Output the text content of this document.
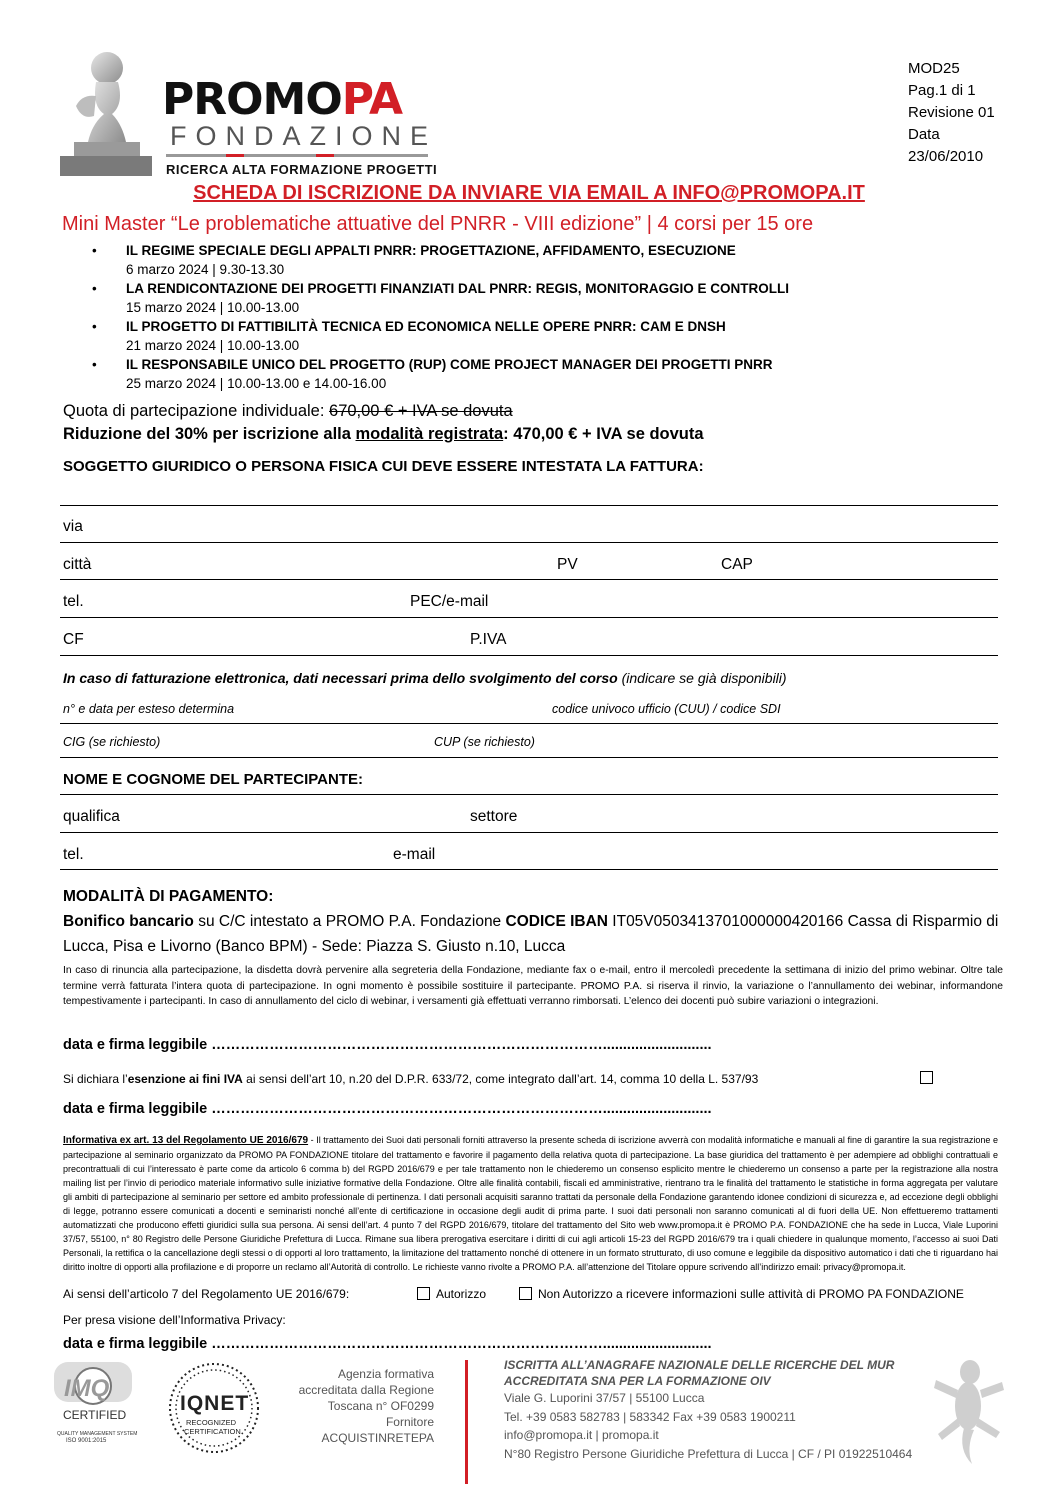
PROMOPA
FONDAZIONE
RICERCA ALTA FORMAZIONE PROGETTI
MOD25
Pag.1 di 1
Revisione 01
Data
23/06/2010
SCHEDA DI ISCRIZIONE DA INVIARE VIA EMAIL A INFO@PROMOPA.IT
Mini Master “Le problematiche attuative del PNRR - VIII edizione” | 4 corsi per 15 ore
• IL REGIME SPECIALE DEGLI APPALTI PNRR: PROGETTAZIONE, AFFIDAMENTO, ESECUZIONE
6 marzo 2024 | 9.30-13.30
• LA RENDICONTAZIONE DEI PROGETTI FINANZIATI DAL PNRR: REGIS, MONITORAGGIO E CONTROLLI
15 marzo 2024 | 10.00-13.00
• IL PROGETTO DI FATTIBILITÀ TECNICA ED ECONOMICA NELLE OPERE PNRR: CAM E DNSH
21 marzo 2024 | 10.00-13.00
• IL RESPONSABILE UNICO DEL PROGETTO (RUP) COME PROJECT MANAGER DEI PROGETTI PNRR
25 marzo 2024 | 10.00-13.00 e 14.00-16.00
Quota di partecipazione individuale: 670,00 € + IVA se dovuta
Riduzione del 30% per iscrizione alla modalità registrata: 470,00 € + IVA se dovuta
SOGGETTO GIURIDICO O PERSONA FISICA CUI DEVE ESSERE INTESTATA LA FATTURA:
via
città	PV	CAP
tel.	PEC/e-mail
CF	P.IVA
In caso di fatturazione elettronica, dati necessari prima dello svolgimento del corso (indicare se già disponibili)
n° e data per esteso determina	codice univoco ufficio (CUU) / codice SDI
CIG (se richiesto)	CUP (se richiesto)
NOME E COGNOME DEL PARTECIPANTE:
qualifica	settore
tel.	e-mail
MODALITÀ DI PAGAMENTO:
Bonifico bancario su C/C intestato a PROMO P.A. Fondazione CODICE IBAN IT05V0503413701000000420166 Cassa di Risparmio di Lucca, Pisa e Livorno (Banco BPM) - Sede: Piazza S. Giusto n.10, Lucca
In caso di rinuncia alla partecipazione, la disdetta dovrà pervenire alla segreteria della Fondazione, mediante fax o e-mail, entro il mercoledì precedente la settimana di inizio del primo webinar. Oltre tale termine verrà fatturata l’intera quota di partecipazione. In ogni momento è possibile sostituire il partecipante. PROMO P.A. si riserva il rinvio, la variazione o l’annullamento dei webinar, informandone tempestivamente i partecipanti. In caso di annullamento del ciclo di webinar, i versamenti già effettuati verranno rimborsati. L’elenco dei docenti può subire variazioni o integrazioni.
data e firma leggibile ………………………………………………………………………...........................
Si dichiara l’esenzione ai fini IVA ai sensi dell’art 10, n.20 del D.P.R. 633/72, come integrato dall’art. 14, comma 10 della L. 537/93
data e firma leggibile ………………………………………………………………………...........................
Informativa ex art. 13 del Regolamento UE 2016/679 - Il trattamento dei Suoi dati personali forniti attraverso la presente scheda di iscrizione avverrà con modalità informatiche e manuali al fine di garantire la sua registrazione e partecipazione al seminario organizzato da PROMO PA FONDAZIONE titolare del trattamento e favorire il pagamento della relativa quota di partecipazione. La base giuridica del trattamento è per adempiere ad obblighi contrattuali e precontrattuali di cui l’interessato è parte come da articolo 6 comma b) del RGPD 2016/679 e per tale trattamento non le chiederemo un consenso esplicito mentre le chiederemo un consenso a parte per la registrazione alla nostra mailing list per l’invio di periodico materiale informativo sulle iniziative formative della Fondazione. Oltre alle finalità contabili, fiscali ed amministrative, rientrano tra le finalità del trattamento le statistiche in forma aggregata per valutare gli ambiti di partecipazione al seminario per settore ed ambito professionale di pertinenza. I dati personali acquisiti saranno trattati da personale della Fondazione garantendo idonee condizioni di sicurezza e, ad eccezione degli obblighi di legge, potranno essere comunicati a docenti e seminaristi nonché all’ente di certificazione in occasione degli audit di prima parte. I suoi dati personali non saranno comunicati al di fuori della UE. Non effettueremo trattamenti automatizzati che producono effetti giuridici sulla sua persona. Ai sensi dell’art. 4 punto 7 del RGPD 2016/679, titolare del trattamento del Sito web www.promopa.it è PROMO P.A. FONDAZIONE che ha sede in Lucca, Viale Luporini 37/57, 55100, n° 80 Registro delle Persone Giuridiche Prefettura di Lucca. Rimane sua libera prerogativa esercitare i diritti di cui agli articoli 15-23 del RGPD 2016/679 tra i quali chiedere in qualunque momento, l’accesso ai suoi Dati Personali, la rettifica o la cancellazione degli stessi o di opporti al loro trattamento, la limitazione del trattamento nonché di ottenere in un formato strutturato, di uso comune e leggibile da dispositivo automatico i dati che ti riguardano hai diritto inoltre di opporti alla profilazione e di proporre un reclamo all’Autorità di controllo. Le richieste vanno rivolte a PROMO P.A. all’attenzione del Titolare oppure scrivendo all’indirizzo email: privacy@promopa.it.
Ai sensi dell’articolo 7 del Regolamento UE 2016/679:	Autorizzo	Non Autorizzo a ricevere informazioni sulle attività di PROMO PA FONDAZIONE
Per presa visione dell’Informativa Privacy:
data e firma leggibile ………………………………………………………………………...........................
IMQ
CERTIFIED
QUALITY MANAGEMENT SYSTEM
ISO 9001:2015
IQNET
RECOGNIZED
CERTIFICATION
Agenzia formativa
accreditata dalla Regione
Toscana n° OF0299
Fornitore
ACQUISTINRETEPA
ISCRITTA ALL’ANAGRAFE NAZIONALE DELLE RICERCHE DEL MUR
ACCREDITATA SNA PER LA FORMAZIONE OIV
Viale G. Luporini 37/57 | 55100 Lucca
Tel. +39 0583 582783 | 583342 Fax +39 0583 1900211
info@promopa.it | promopa.it
N°80 Registro Persone Giuridiche Prefettura di Lucca | CF / PI 01922510464
